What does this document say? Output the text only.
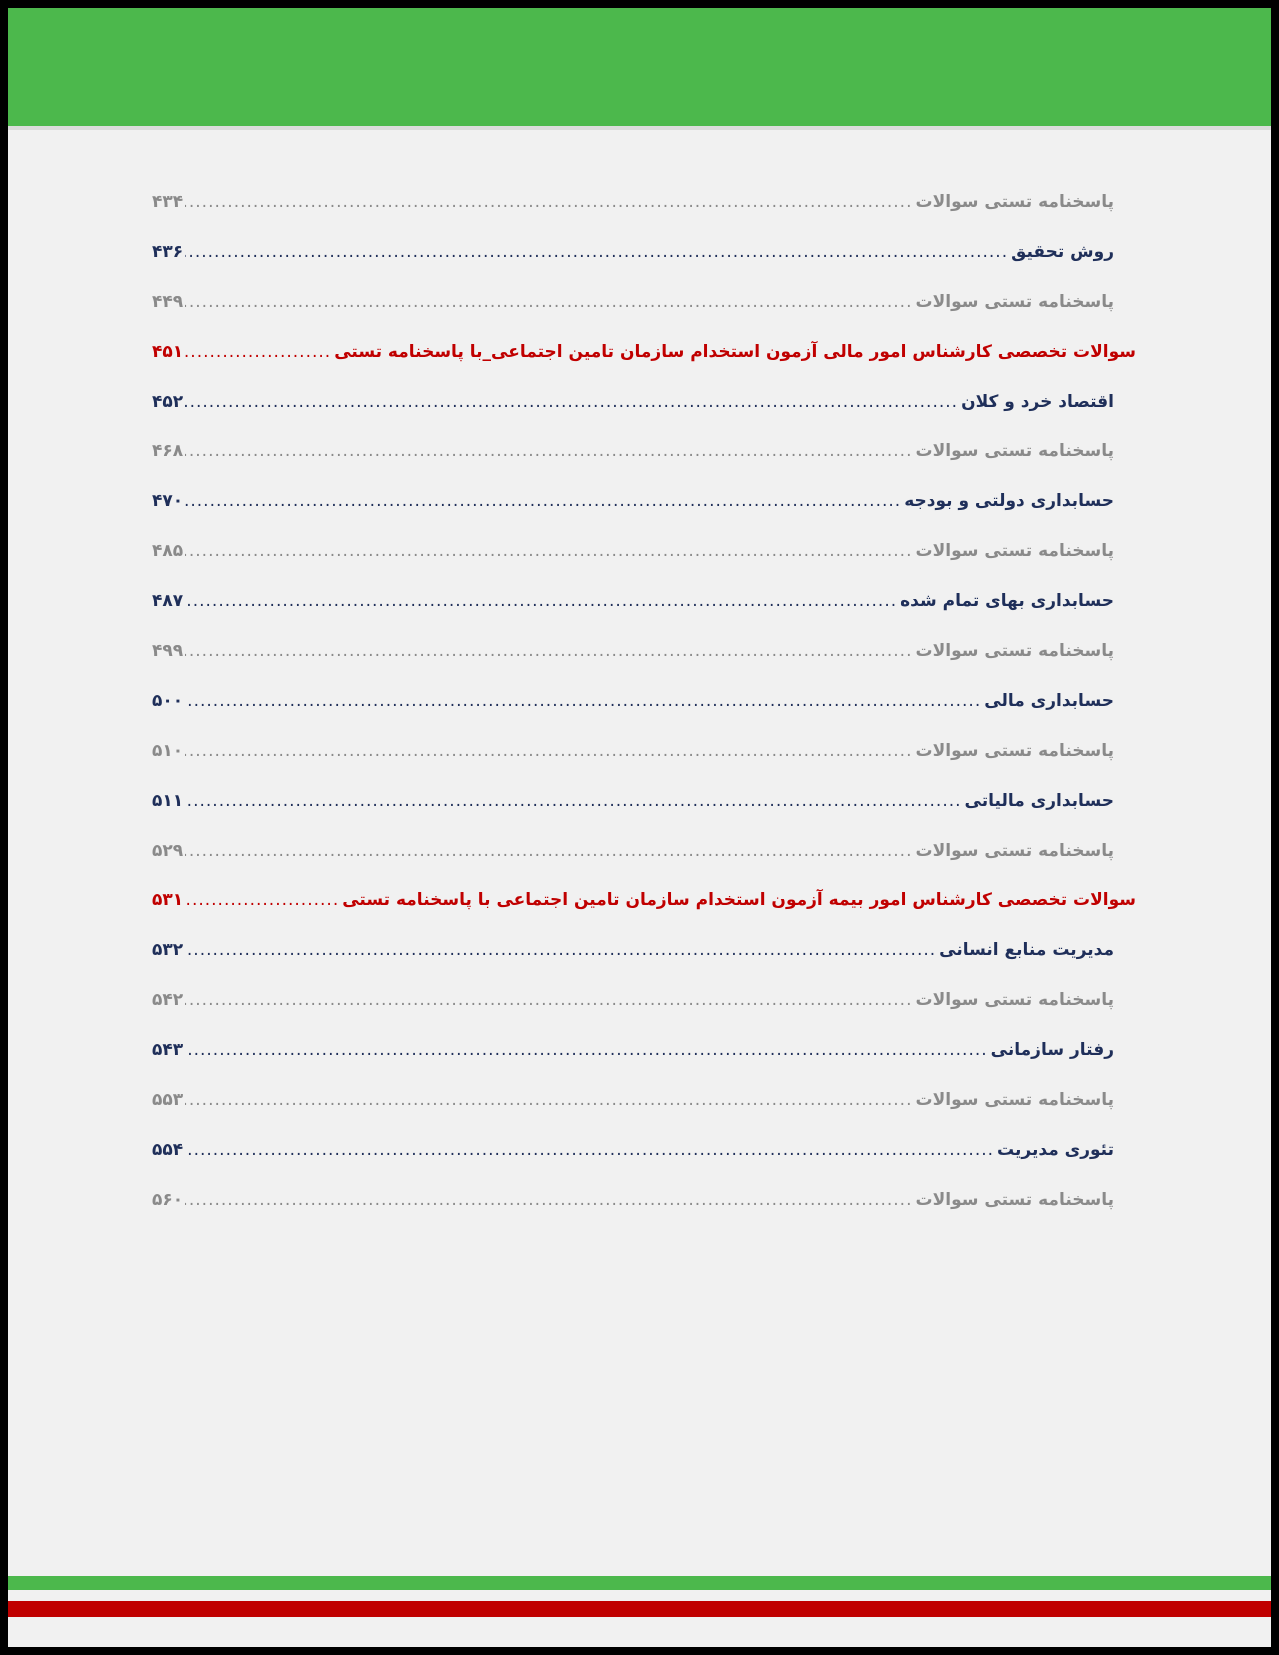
پاسخنامه تستی سوالات
.....
۴۳۴
روش تحقیق
.....
۴۳۶
پاسخنامه تستی سوالات
.....
۴۴۹
سوالات تخصصی کارشناس امور مالی آزمون استخدام سازمان تامین اجتماعی_با پاسخنامه تستی
.....
۴۵۱
اقتصاد خرد و کلان
.....
۴۵۲
پاسخنامه تستی سوالات
.....
۴۶۸
حسابداری دولتی و بودجه
.....
۴۷۰
پاسخنامه تستی سوالات
.....
۴۸۵
حسابداری بهای تمام شده
.....
۴۸۷
پاسخنامه تستی سوالات
.....
۴۹۹
حسابداری مالی
.....
۵۰۰
پاسخنامه تستی سوالات
.....
۵۱۰
حسابداری مالیاتی
.....
۵۱۱
پاسخنامه تستی سوالات
.....
۵۲۹
سوالات تخصصی کارشناس امور بیمه آزمون استخدام سازمان تامین اجتماعی با پاسخنامه تستی
.....
۵۳۱
مدیریت منابع انسانی
.....
۵۳۲
پاسخنامه تستی سوالات
.....
۵۴۲
رفتار سازمانی
.....
۵۴۳
پاسخنامه تستی سوالات
.....
۵۵۳
تئوری مدیریت
.....
۵۵۴
پاسخنامه تستی سوالات
.....
۵۶۰
